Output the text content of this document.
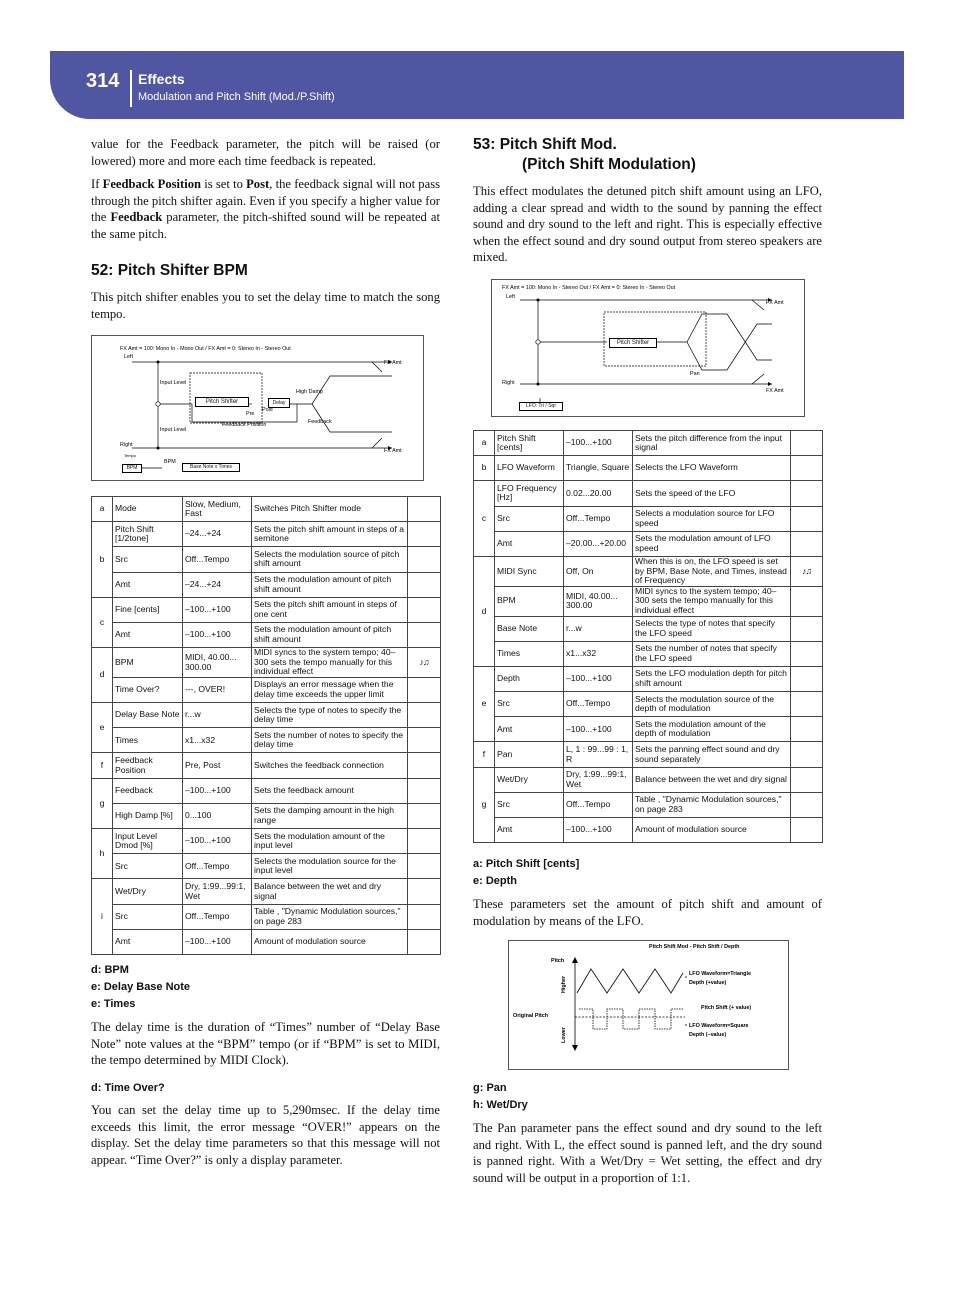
314 Effects
Modulation and Pitch Shift (Mod./P.Shift)

value for the Feedback parameter, the pitch will be raised (or lowered) more and more each time feedback is repeated.

If Feedback Position is set to Post, the feedback signal will not pass through the pitch shifter again. Even if you specify a higher value for the Feedback parameter, the pitch-shifted sound will be repeated at the same pitch.

52: Pitch Shifter BPM

This pitch shifter enables you to set the delay time to match the song tempo.

FX Amt = 100: Mono In - Mono Out / FX Amt = 0: Stereo In - Stereo Out
Left
Right
FX Amt
FX Amt
Input Level
Input Level
Pitch Shifter	Delay
High Damp
Pre
Post
Feedback Position	Feedback
Tempo
BPM
BPM
Base Note x Times
a	Mode	Slow, Medium, Fast	Switches Pitch Shifter mode	
b	Pitch Shift [1/2tone]	–24...+24	Sets the pitch shift amount in steps of a semitone	
	Src	Off...Tempo	Selects the modulation source of pitch shift amount	
	Amt	–24...+24	Sets the modulation amount of pitch shift amount	
c	Fine [cents]	–100...+100	Sets the pitch shift amount in steps of one cent	
	Amt	–100...+100	Sets the modulation amount of pitch shift amount	
d	BPM	MIDI, 40.00... 300.00	MIDI syncs to the system tempo; 40–300 sets the tempo manually for this individual effect	♪♫
	Time Over?	---, OVER!	Displays an error message when the delay time exceeds the upper limit	
e	Delay Base Note	r...w	Selects the type of notes to specify the delay time	
	Times	x1...x32	Sets the number of notes to specify the delay time	
f	Feedback Position	Pre, Post	Switches the feedback connection	
g	Feedback	–100...+100	Sets the feedback amount	
	High Damp [%]	0...100	Sets the damping amount in the high range	
h	Input Level Dmod [%]	–100...+100	Sets the modulation amount of the input level	
	Src	Off...Tempo	Selects the modulation source for the input level	
i	Wet/Dry	Dry, 1:99...99:1, Wet	Balance between the wet and dry signal	
	Src	Off...Tempo	Table , "Dynamic Modulation sources," on page 283	
	Amt	–100...+100	Amount of modulation source	
d: BPM
e: Delay Base Note
e: Times

The delay time is the duration of “Times” number of “Delay Base Note” note values at the “BPM” tempo (or if “BPM” is set to MIDI, the tempo determined by MIDI Clock).

d: Time Over?

You can set the delay time up to 5,290msec. If the delay time exceeds this limit, the error message “OVER!” appears on the display. Set the delay time parameters so that this message will not appear. “Time Over?” is only a display parameter.

53: Pitch Shift Mod.
(Pitch Shift Modulation)

This effect modulates the detuned pitch shift amount using an LFO, adding a clear spread and width to the sound by panning the effect sound and dry sound to the left and right. This is especially effective when the effect sound and dry sound output from stereo speakers are mixed.

FX Amt = 100: Mono In - Stereo Out / FX Amt = 0: Stereo In - Stereo Out
Left
Right
FX Amt
FX Amt
Pitch Shifter
Pan
LFO: Tri / Sqr
a	Pitch Shift [cents]	–100...+100	Sets the pitch difference from the input signal	
b	LFO Waveform	Triangle, Square	Selects the LFO Waveform	
c	LFO Frequency [Hz]	0.02...20.00	Sets the speed of the LFO	
	Src	Off...Tempo	Selects a modulation source for LFO speed	
	Amt	–20.00...+20.00	Sets the modulation amount of LFO speed	
d	MIDI Sync	Off, On	When this is on, the LFO speed is set by BPM, Base Note, and Times, instead of Frequency	♪♫
	BPM	MIDI, 40.00... 300.00	MIDI syncs to the system tempo; 40–300 sets the tempo manually for this individual effect	
	Base Note	r...w	Selects the type of notes that specify the LFO speed	
	Times	x1...x32	Sets the number of notes that specify the LFO speed	
e	Depth	–100...+100	Sets the LFO modulation depth for pitch shift amount	
	Src	Off...Tempo	Selects the modulation source of the depth of modulation	
	Amt	–100...+100	Sets the modulation amount of the depth of modulation	
f	Pan	L, 1 : 99...99 : 1, R	Sets the panning effect sound and dry sound separately	
g	Wet/Dry	Dry, 1:99...99:1, Wet	Balance between the wet and dry signal	
	Src	Off...Tempo	Table , "Dynamic Modulation sources," on page 283	
	Amt	–100...+100	Amount of modulation source	
a: Pitch Shift [cents]
e: Depth

These parameters set the amount of pitch shift and amount of modulation by means of the LFO.

Pitch Shift Mod - Pitch Shift / Depth
Pitch
Higher
Lower
Original Pitch
LFO Waveform=Triangle
Depth (+value)
Pitch Shift (+ value)
LFO Waveform=Square
Depth (–value)
g: Pan
h: Wet/Dry

The Pan parameter pans the effect sound and dry sound to the left and right. With L, the effect sound is panned left, and the dry sound is panned right. With a Wet/Dry = Wet setting, the effect and dry sound will be output in a proportion of 1:1.
